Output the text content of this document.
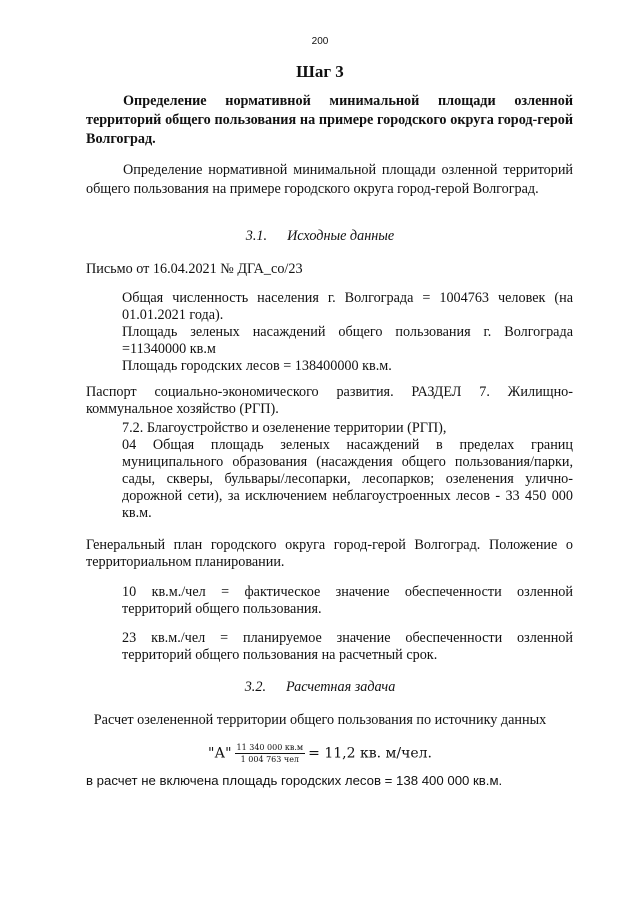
200
Шаг 3

Определение нормативной минимальной площади озленной территорий общего пользования на примере городского округа город-герой Волгоград.

Определение нормативной минимальной площади озленной территорий общего пользования на примере городского округа город-герой Волгоград.

3.1. Исходные данные

Письмо от 16.04.2021 № ДГА_со/23

Общая численность населения г. Волгограда = 1004763 человек (на 01.01.2021 года).
Площадь зеленых насаждений общего пользования г. Волгограда =11340000 кв.м
Площадь городских лесов = 138400000 кв.м.

Паспорт социально-экономического развития. РАЗДЕЛ 7. Жилищно-коммунальное хозяйство (РГП).

7.2. Благоустройство и озеленение территории (РГП),
04 Общая площадь зеленых насаждений в пределах границ муниципального образования (насаждения общего пользования/парки, сады, скверы, бульвары/лесопарки, лесопарков; озеленения улично-дорожной сети), за исключением неблагоустроенных лесов - 33 450 000 кв.м.

Генеральный план городского округа город-герой Волгоград. Положение о территориальном планировании.

10 кв.м./чел = фактическое значение обеспеченности озленной территорий общего пользования.
23 кв.м./чел = планируемое значение обеспеченности озленной территорий общего пользования на расчетный срок.
3.2. Расчетная задача
Расчет озелененной территории общего пользования по источнику данных
"А" $\frac{11 340 000 кв.м}{\text{1 004 763 чел}} = 11,2$ кв. м/чел.

в расчет не включена площадь городских лесов = 138 400 000 кв.м.
